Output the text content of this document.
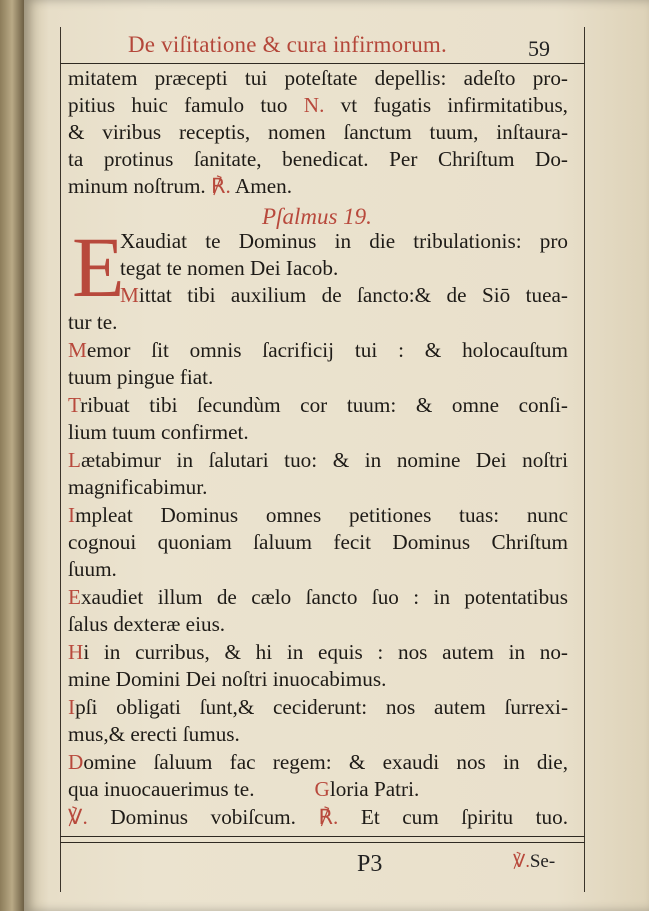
De viſitatione & cura infirmorum.	59
mitatem præcepti tui poteſtate depellis: adeſto pro-
pitius huic famulo tuo N. vt fugatis infirmitatibus,
& viribus receptis, nomen ſanctum tuum, inſtaura-
ta protinus ſanitate, benedicat. Per Chriſtum Do-
minum noſtrum. ℟. Amen.
Xaudiat te Dominus in die tribulationis: pro
tegat te nomen Dei Iacob.
Mittat tibi auxilium de ſancto:& de Siō tuea-
tur te.
Memor ſit omnis ſacrificij tui : & holocauſtum
tuum pingue fiat.
Tribuat tibi ſecundùm cor tuum: & omne conſi-
lium tuum confirmet.
Lætabimur in ſalutari tuo: & in nomine Dei noſtri
magnificabimur.
Impleat Dominus omnes petitiones tuas: nunc
cognoui quoniam ſaluum fecit Dominus Chriſtum
ſuum.
Exaudiet illum de cælo ſancto ſuo : in potentatibus
ſalus dexteræ eius.
Hi in curribus, & hi in equis : nos autem in no-
mine Domini Dei noſtri inuocabimus.
Ipſi obligati ſunt,& ceciderunt: nos autem ſurrexi-
mus,& erecti ſumus.
Domine ſaluum fac regem: & exaudi nos in die,
qua inuocauerimus te.	Gloria Patri.
℣. Dominus vobiſcum. ℟. Et cum ſpiritu tuo.
Pſalmus 19.
E
P3	℣.Se-
